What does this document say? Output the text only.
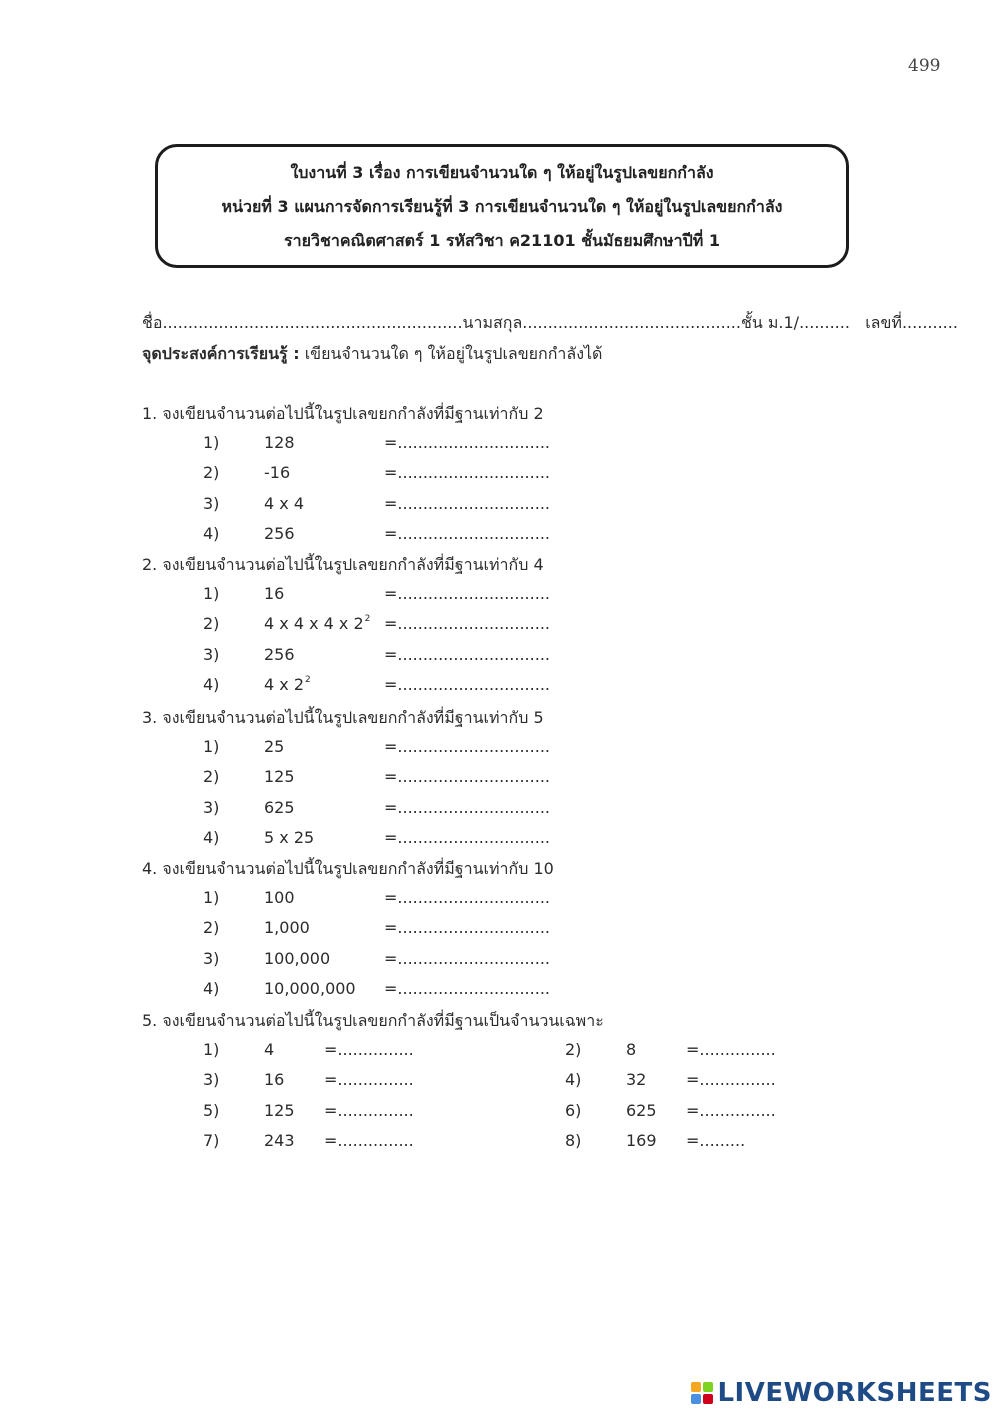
499
ใบงานที่ 3 เรื่อง การเขียนจำนวนใด ๆ ให้อยู่ในรูปเลขยกกำลัง
หน่วยที่ 3 แผนการจัดการเรียนรู้ที่ 3 การเขียนจำนวนใด ๆ ให้อยู่ในรูปเลขยกกำลัง
รายวิชาคณิตศาสตร์ 1 รหัสวิชา ค21101 ชั้นมัธยมศึกษาปีที่ 1
ชื่อ...........................................................นามสกุล...........................................ชั้น ม.1/.......... เลขที่...........
จุดประสงค์การเรียนรู้ : เขียนจำนวนใด ๆ ให้อยู่ในรูปเลขยกกำลังได้
1. จงเขียนจำนวนต่อไปนี้ในรูปเลขยกกำลังที่มีฐานเท่ากับ 2
1)	128	=..............................
2)	-16	=..............................
3)	4 x 4	=..............................
4)	256	=..............................
2. จงเขียนจำนวนต่อไปนี้ในรูปเลขยกกำลังที่มีฐานเท่ากับ 4
1)	16	=..............................
2)	4 x 4 x 4 x $2^2$ =..............................
3)	256	=..............................
4)	4 x $2^2$	=..............................
3. จงเขียนจำนวนต่อไปนี้ในรูปเลขยกกำลังที่มีฐานเท่ากับ 5
1)	25	=..............................
2)	125	=..............................
3)	625	=..............................
4)	5 x 25	=..............................
4. จงเขียนจำนวนต่อไปนี้ในรูปเลขยกกำลังที่มีฐานเท่ากับ 10
1)	100	=..............................
2)	1,000	=..............................
3)	100,000	=..............................
4)	10,000,000 =..............................
5. จงเขียนจำนวนต่อไปนี้ในรูปเลขยกกำลังที่มีฐานเป็นจำนวนเฉพาะ
1)	4	=...............	2)	8	=...............
3)	16 =...............	4)	32 =...............
5)	125 =...............	6)	625 =...............
7)	243 =...............	8)	169 =.........
LIVEWORKSHEETS
